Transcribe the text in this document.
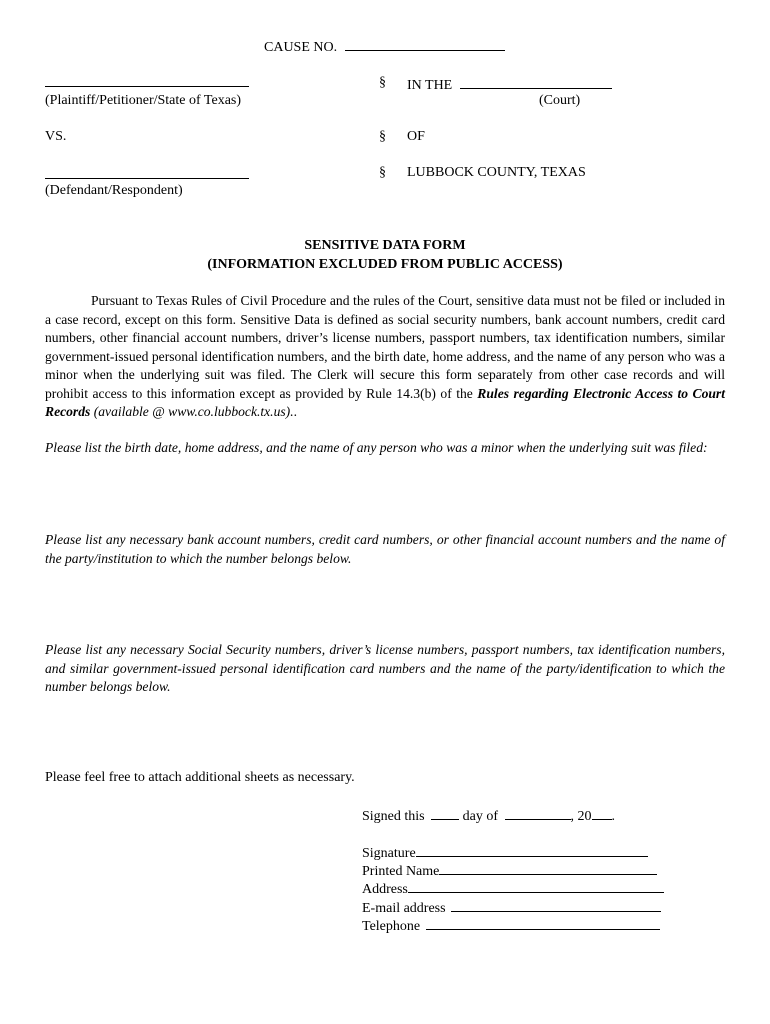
CAUSE NO.
(Plaintiff/Petitioner/State of Texas)
§ IN THE
(Court)
VS.	§ OF
§ LUBBOCK COUNTY, TEXAS
(Defendant/Respondent)
SENSITIVE DATA FORM
(INFORMATION EXCLUDED FROM PUBLIC ACCESS)
Pursuant to Texas Rules of Civil Procedure and the rules of the Court, sensitive data must not be filed or included in a case record, except on this form. Sensitive Data is defined as social security numbers, bank account numbers, credit card numbers, other financial account numbers, driver’s license numbers, passport numbers, tax identification numbers, similar government-issued personal identification numbers, and the birth date, home address, and the name of any person who was a minor when the underlying suit was filed. The Clerk will secure this form separately from other case records and will prohibit access to this information except as provided by Rule 14.3(b) of the Rules regarding Electronic Access to Court Records (available @ www.co.lubbock.tx.us)..
Please list the birth date, home address, and the name of any person who was a minor when the underlying suit was filed:
Please list any necessary bank account numbers, credit card numbers, or other financial account numbers and the name of the party/institution to which the number belongs below.
Please list any necessary Social Security numbers, driver’s license numbers, passport numbers, tax identification numbers, and similar government-issued personal identification card numbers and the name of the party/identification to which the number belongs below.
Please feel free to attach additional sheets as necessary.
Signed this	day of	, 20 .
Signature
Printed Name
Address
E-mail address
Telephone
